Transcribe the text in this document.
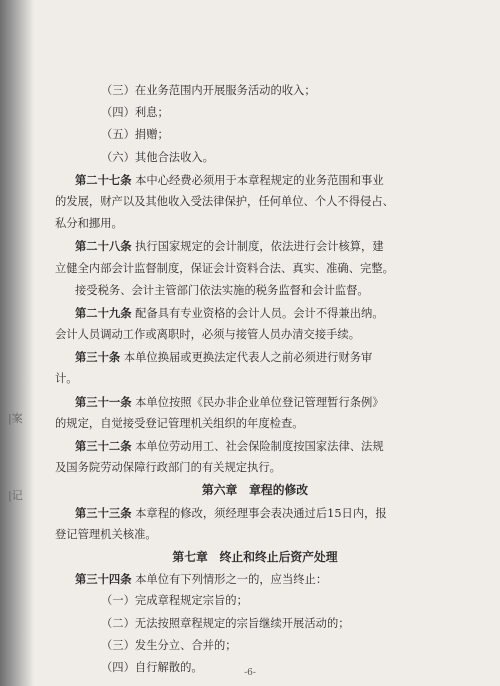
|案
|记
（三）在业务范围内开展服务活动的收入；
（四）利息；
（五）捐赠；
（六）其他合法收入。
第二十七条 本中心经费必须用于本章程规定的业务范围和事业
的发展，财产以及其他收入受法律保护，任何单位、个人不得侵占、
私分和挪用。
第二十八条 执行国家规定的会计制度，依法进行会计核算，建
立健全内部会计监督制度，保证会计资料合法、真实、准确、完整。
接受税务、会计主管部门依法实施的税务监督和会计监督。
第二十九条 配备具有专业资格的会计人员。会计不得兼出纳。
会计人员调动工作或离职时，必须与接管人员办清交接手续。
第三十条 本单位换届或更换法定代表人之前必须进行财务审
计。
第三十一条 本单位按照《民办非企业单位登记管理暂行条例》
的规定，自觉接受登记管理机关组织的年度检查。
第三十二条 本单位劳动用工、社会保险制度按国家法律、法规
及国务院劳动保障行政部门的有关规定执行。
第六章　章程的修改
第三十三条 本章程的修改，须经理事会表决通过后15日内，报
登记管理机关核准。
第七章　终止和终止后资产处理
第三十四条 本单位有下列情形之一的，应当终止：
（一）完成章程规定宗旨的；
（二）无法按照章程规定的宗旨继续开展活动的；
（三）发生分立、合并的；
（四）自行解散的。	-6-
